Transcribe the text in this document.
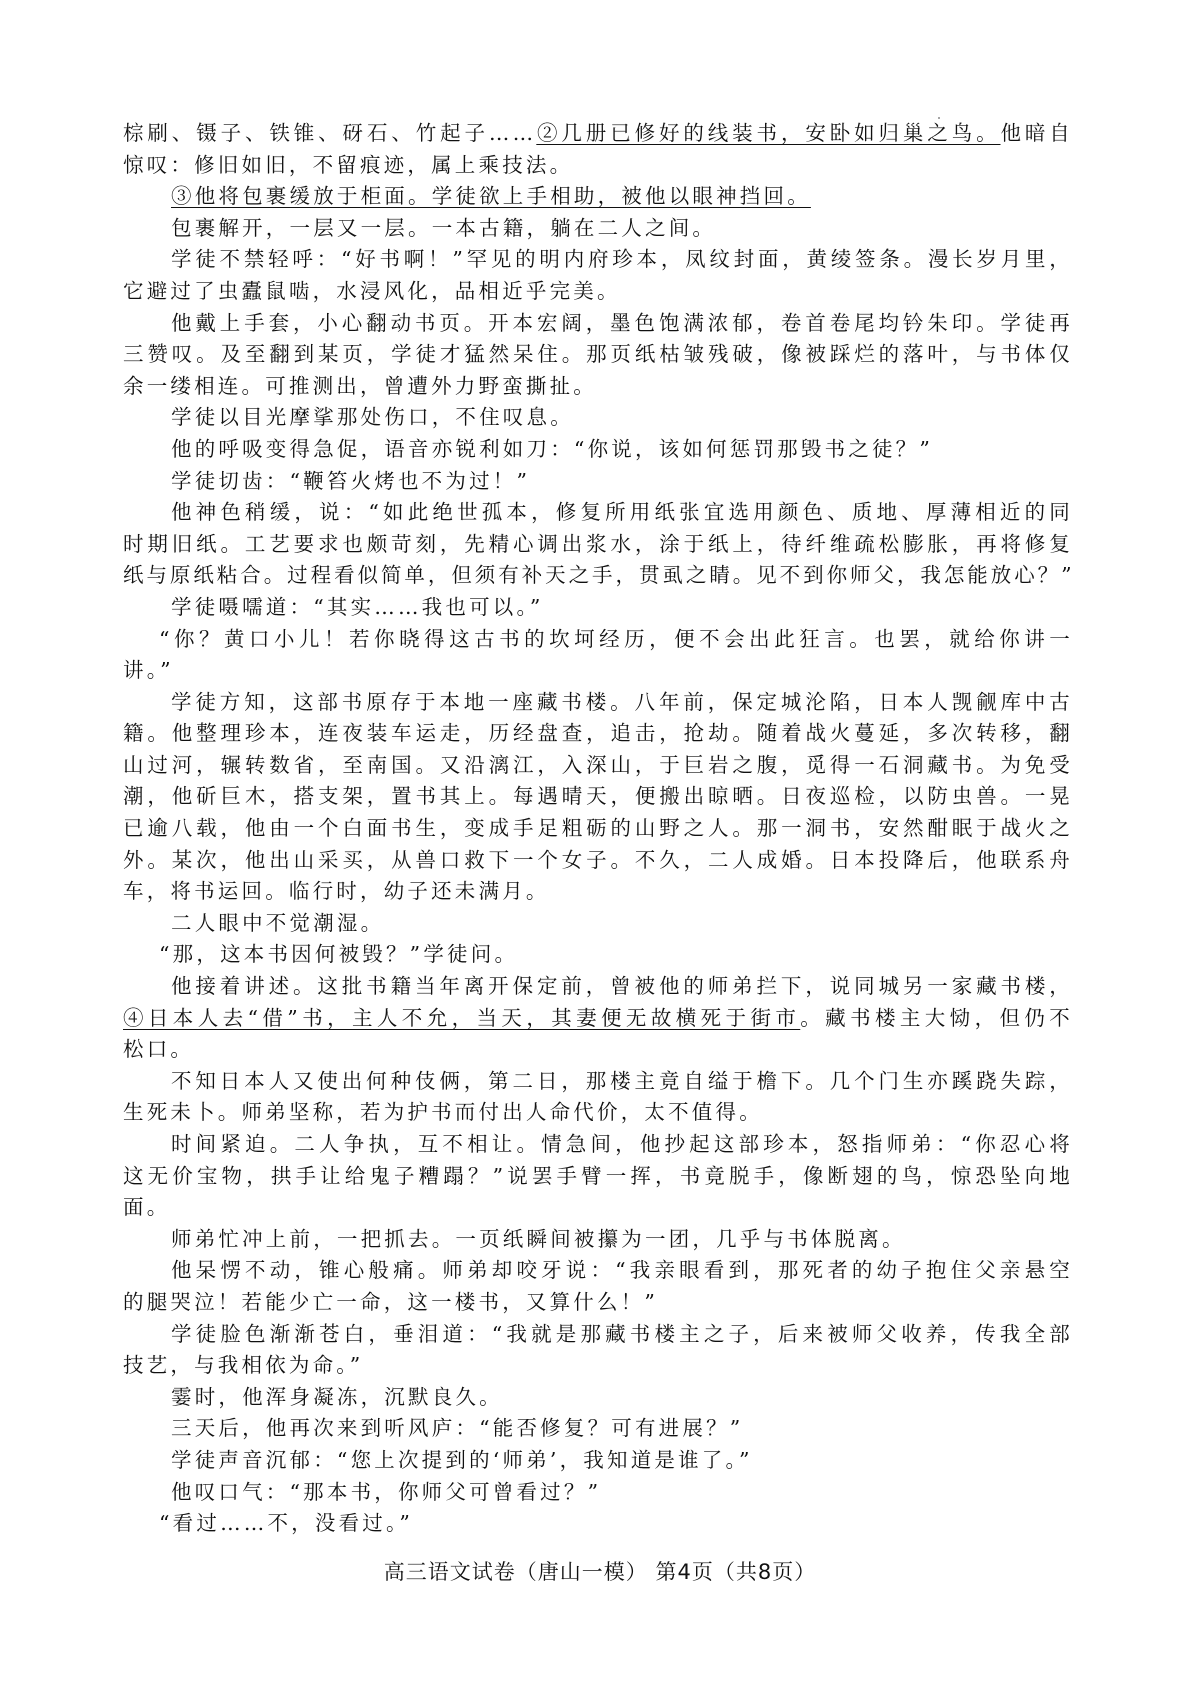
棕刷、镊子、铁锥、砑石、竹起子……②几册已修好的线装书，安卧如归巢之鸟。他暗自
惊叹：修旧如旧，不留痕迹，属上乘技法。
③他将包裹缓放于柜面。学徒欲上手相助，被他以眼神挡回。
包裹解开，一层又一层。一本古籍，躺在二人之间。
学徒不禁轻呼：“好书啊！”罕见的明内府珍本，凤纹封面，黄绫签条。漫长岁月里，
它避过了虫蠹鼠啮，水浸风化，品相近乎完美。
他戴上手套，小心翻动书页。开本宏阔，墨色饱满浓郁，卷首卷尾均钤朱印。学徒再
三赞叹。及至翻到某页，学徒才猛然呆住。那页纸枯皱残破，像被踩烂的落叶，与书体仅
余一缕相连。可推测出，曾遭外力野蛮撕扯。
学徒以目光摩挲那处伤口，不住叹息。
他的呼吸变得急促，语音亦锐利如刀：“你说，该如何惩罚那毁书之徒？”
学徒切齿：“鞭笞火烤也不为过！”
他神色稍缓，说：“如此绝世孤本，修复所用纸张宜选用颜色、质地、厚薄相近的同
时期旧纸。工艺要求也颇苛刻，先精心调出浆水，涂于纸上，待纤维疏松膨胀，再将修复
纸与原纸粘合。过程看似简单，但须有补天之手，贯虱之睛。见不到你师父，我怎能放心？”
学徒嗫嚅道：“其实……我也可以。”
“你？黄口小儿！若你晓得这古书的坎坷经历，便不会出此狂言。也罢，就给你讲一
讲。”
学徒方知，这部书原存于本地一座藏书楼。八年前，保定城沦陷，日本人觊觎库中古
籍。他整理珍本，连夜装车运走，历经盘查，追击，抢劫。随着战火蔓延，多次转移，翻
山过河，辗转数省，至南国。又沿漓江，入深山，于巨岩之腹，觅得一石洞藏书。为免受
潮，他斫巨木，搭支架，置书其上。每遇晴天，便搬出晾晒。日夜巡检，以防虫兽。一晃
已逾八载，他由一个白面书生，变成手足粗砺的山野之人。那一洞书，安然酣眠于战火之
外。某次，他出山采买，从兽口救下一个女子。不久，二人成婚。日本投降后，他联系舟
车，将书运回。临行时，幼子还未满月。
二人眼中不觉潮湿。
“那，这本书因何被毁？”学徒问。
他接着讲述。这批书籍当年离开保定前，曾被他的师弟拦下，说同城另一家藏书楼，
④日本人去“借”书，主人不允，当天，其妻便无故横死于街市。藏书楼主大恸，但仍不
松口。
不知日本人又使出何种伎俩，第二日，那楼主竟自缢于檐下。几个门生亦蹊跷失踪，
生死未卜。师弟坚称，若为护书而付出人命代价，太不值得。
时间紧迫。二人争执，互不相让。情急间，他抄起这部珍本，怒指师弟：“你忍心将
这无价宝物，拱手让给鬼子糟蹋？”说罢手臂一挥，书竟脱手，像断翅的鸟，惊恐坠向地
面。
师弟忙冲上前，一把抓去。一页纸瞬间被攥为一团，几乎与书体脱离。
他呆愣不动，锥心般痛。师弟却咬牙说：“我亲眼看到，那死者的幼子抱住父亲悬空
的腿哭泣！若能少亡一命，这一楼书，又算什么！”
学徒脸色渐渐苍白，垂泪道：“我就是那藏书楼主之子，后来被师父收养，传我全部
技艺，与我相依为命。”
霎时，他浑身凝冻，沉默良久。
三天后，他再次来到听风庐：“能否修复？可有进展？”
学徒声音沉郁：“您上次提到的‘师弟’，我知道是谁了。”
他叹口气：“那本书，你师父可曾看过？”
“看过……不，没看过。”
高三语文试卷（唐山一模） 第4页（共8页）
